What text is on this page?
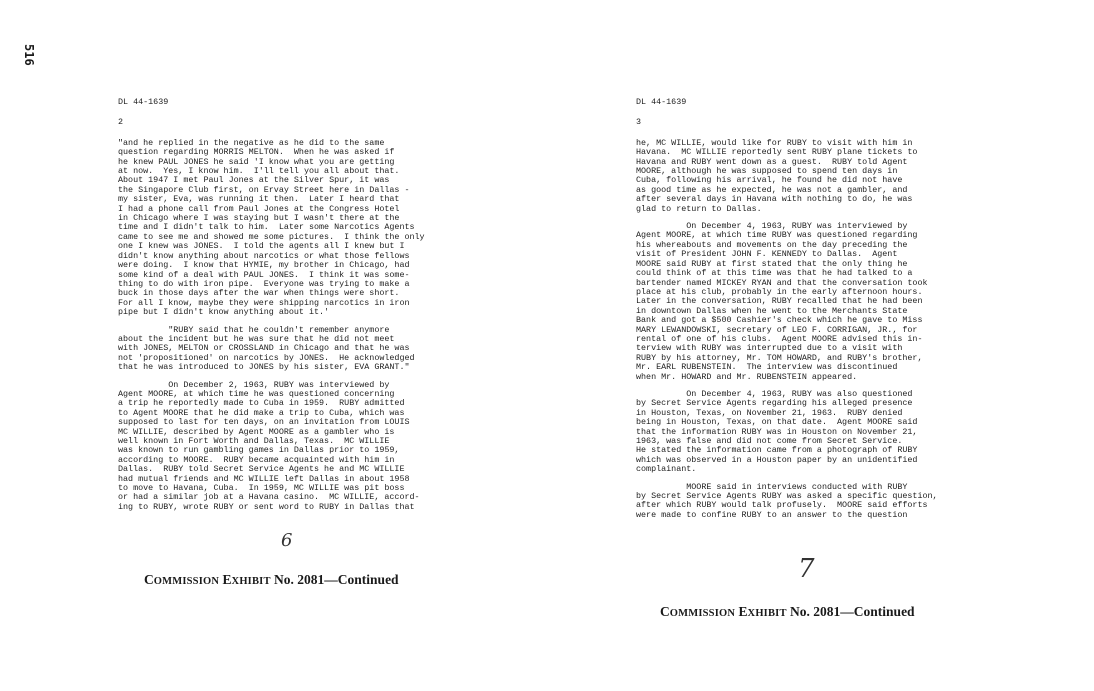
516
DL 44-1639
2
"and he replied in the negative as he did to the same
question regarding MORRIS MELTON.  When he was asked if
he knew PAUL JONES he said 'I know what you are getting
at now.  Yes, I know him.  I'll tell you all about that.
About 1947 I met Paul Jones at the Silver Spur, it was
the Singapore Club first, on Ervay Street here in Dallas -
my sister, Eva, was running it then.  Later I heard that
I had a phone call from Paul Jones at the Congress Hotel
in Chicago where I was staying but I wasn't there at the
time and I didn't talk to him.  Later some Narcotics Agents
came to see me and showed me some pictures.  I think the only
one I knew was JONES.  I told the agents all I knew but I
didn't know anything about narcotics or what those fellows
were doing.  I know that HYMIE, my brother in Chicago, had
some kind of a deal with PAUL JONES.  I think it was some-
thing to do with iron pipe.  Everyone was trying to make a
buck in those days after the war when things were short.
For all I know, maybe they were shipping narcotics in iron
pipe but I didn't know anything about it.'
"RUBY said that he couldn't remember anymore
about the incident but he was sure that he did not meet
with JONES, MELTON or CROSSLAND in Chicago and that he was
not 'propositioned' on narcotics by JONES.  He acknowledged
that he was introduced to JONES by his sister, EVA GRANT."
On December 2, 1963, RUBY was interviewed by
Agent MOORE, at which time he was questioned concerning
a trip he reportedly made to Cuba in 1959.  RUBY admitted
to Agent MOORE that he did make a trip to Cuba, which was
supposed to last for ten days, on an invitation from LOUIS
MC WILLIE, described by Agent MOORE as a gambler who is
well known in Fort Worth and Dallas, Texas.  MC WILLIE
was known to run gambling games in Dallas prior to 1959,
according to MOORE.  RUBY became acquainted with him in
Dallas.  RUBY told Secret Service Agents he and MC WILLIE
had mutual friends and MC WILLIE left Dallas in about 1958
to move to Havana, Cuba.  In 1959, MC WILLIE was pit boss
or had a similar job at a Havana casino.  MC WILLIE, accord-
ing to RUBY, wrote RUBY or sent word to RUBY in Dallas that
6
COMMISSION EXHIBIT No. 2081—Continued
DL 44-1639
3
he, MC WILLIE, would like for RUBY to visit with him in
Havana.  MC WILLIE reportedly sent RUBY plane tickets to
Havana and RUBY went down as a guest.  RUBY told Agent
MOORE, although he was supposed to spend ten days in
Cuba, following his arrival, he found he did not have
as good time as he expected, he was not a gambler, and
after several days in Havana with nothing to do, he was
glad to return to Dallas.
On December 4, 1963, RUBY was interviewed by
Agent MOORE, at which time RUBY was questioned regarding
his whereabouts and movements on the day preceding the
visit of President JOHN F. KENNEDY to Dallas.  Agent
MOORE said RUBY at first stated that the only thing he
could think of at this time was that he had talked to a
bartender named MICKEY RYAN and that the conversation took
place at his club, probably in the early afternoon hours.
Later in the conversation, RUBY recalled that he had been
in downtown Dallas when he went to the Merchants State
Bank and got a $500 Cashier's check which he gave to Miss
MARY LEWANDOWSKI, secretary of LEO F. CORRIGAN, JR., for
rental of one of his clubs.  Agent MOORE advised this in-
terview with RUBY was interrupted due to a visit with
RUBY by his attorney, Mr. TOM HOWARD, and RUBY's brother,
Mr. EARL RUBENSTEIN.  The interview was discontinued
when Mr. HOWARD and Mr. RUBENSTEIN appeared.
On December 4, 1963, RUBY was also questioned
by Secret Service Agents regarding his alleged presence
in Houston, Texas, on November 21, 1963.  RUBY denied
being in Houston, Texas, on that date.  Agent MOORE said
that the information RUBY was in Houston on November 21,
1963, was false and did not come from Secret Service.
He stated the information came from a photograph of RUBY
which was observed in a Houston paper by an unidentified
complainant.
MOORE said in interviews conducted with RUBY
by Secret Service Agents RUBY was asked a specific question,
after which RUBY would talk profusely.  MOORE said efforts
were made to confine RUBY to an answer to the question
7
COMMISSION EXHIBIT No. 2081—Continued
